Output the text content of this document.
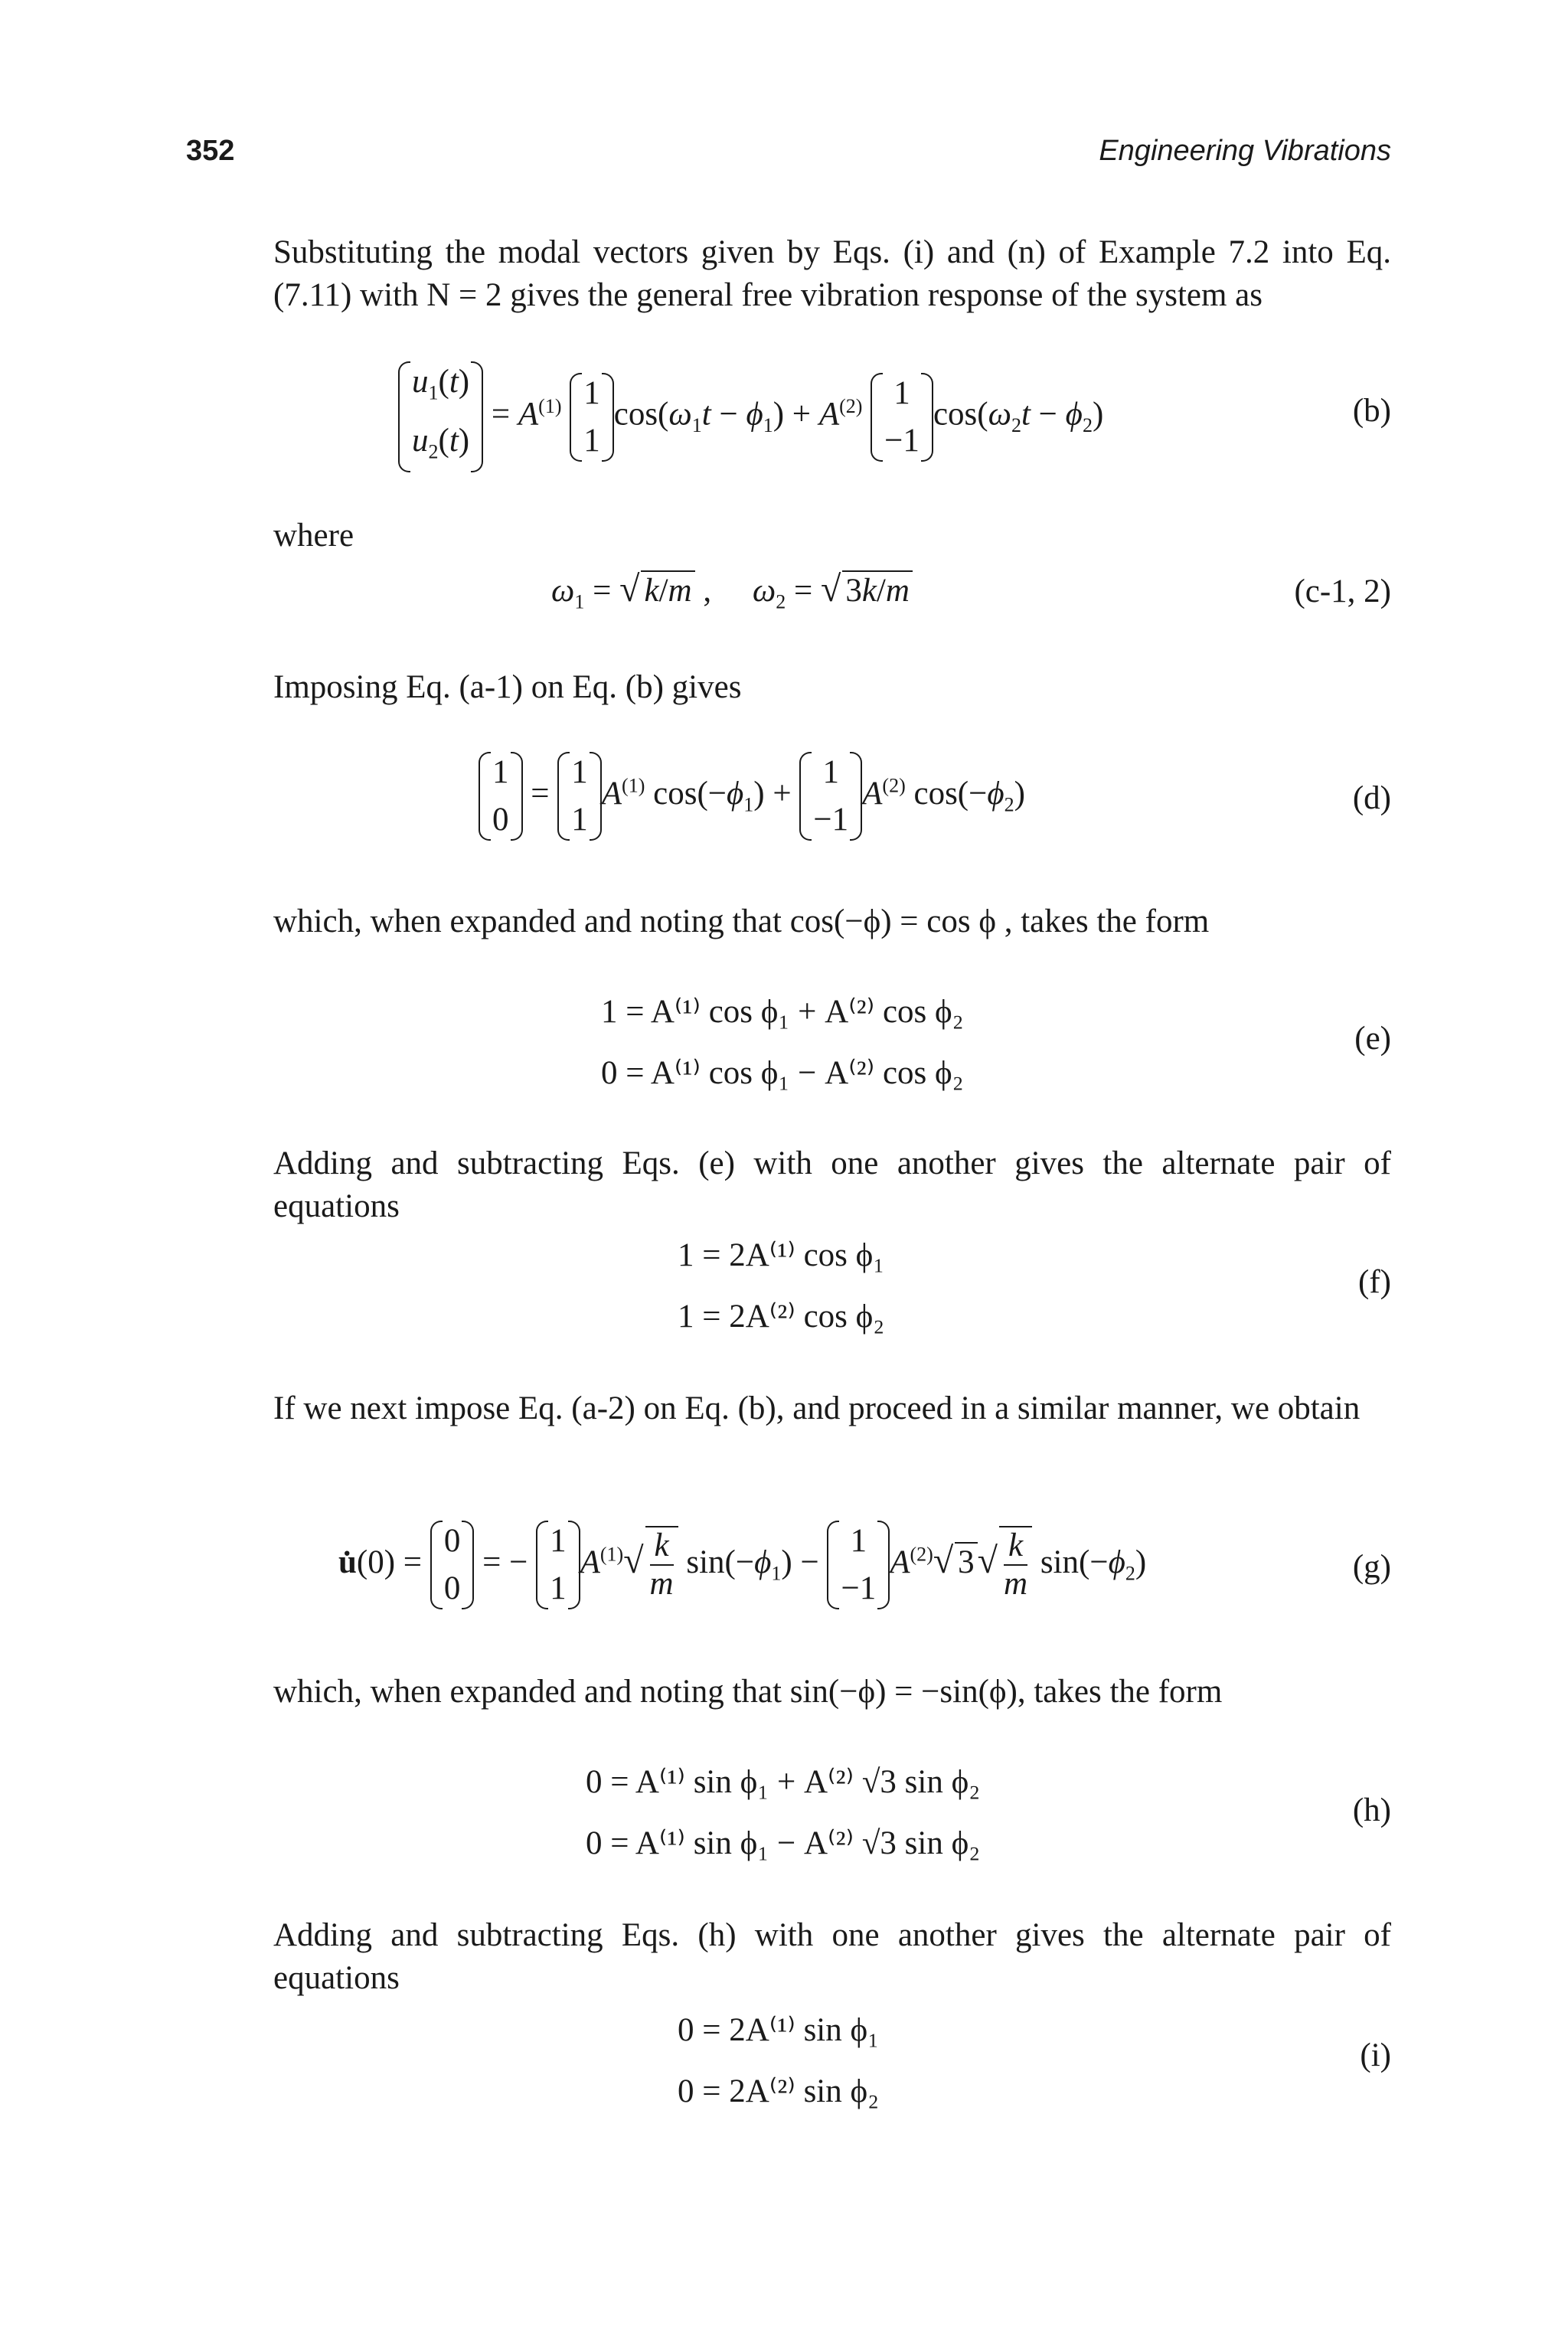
352	Engineering Vibrations
Substituting the modal vectors given by Eqs. (i) and (n) of Example 7.2 into Eq. (7.11) with N = 2 gives the general free vibration response of the system as
$u_1(t)$
$u_2(t)$
= $A^{(1)}$ 1
1
$\cos(\omega_1t - \phi_1) + A^{(2)}$ 1
−1
$\cos(\omega_2t - \phi_2)$	(b)
where
$\omega_1$ = √ k/m ,     $\omega_2$ = √ 3k/m	(c-1, 2)
Imposing Eq. (a-1) on Eq. (b) gives
1
0
=
1
1
$A^{(1)}$ $\cos(-\phi_1)$ +
1
−1
$A^{(2)}$ $\cos(-\phi_2)$	(d)
which, when expanded and noting that cos(−ϕ) = cos ϕ , takes the form
1 = A⁽¹⁾ cos ϕ₁ + A⁽²⁾ cos ϕ₂
0 = A⁽¹⁾ cos ϕ₁ − A⁽²⁾ cos ϕ₂
(e)
Adding and subtracting Eqs. (e) with one another gives the alternate pair of equations
1 = 2A⁽¹⁾ cos ϕ₁
1 = 2A⁽²⁾ cos ϕ₂
(f)
If we next impose Eq. (a-2) on Eq. (b), and proceed in a similar manner, we obtain
u̇(0) =
0
0
= −
1
1
$A^{(1)}√ \frac{k}{m} \sin(-\phi_1)$ −
1
−1
$A^{(2)}√$ $3√ \frac{k}{m} \sin(-\phi_2)$	(g)
which, when expanded and noting that sin(−ϕ) = −sin(ϕ), takes the form
0 = A⁽¹⁾ sin ϕ₁ + A⁽²⁾ √3 sin ϕ₂
0 = A⁽¹⁾ sin ϕ₁ − A⁽²⁾ √3 sin ϕ₂
(h)
Adding and subtracting Eqs. (h) with one another gives the alternate pair of equations
0 = 2A⁽¹⁾ sin ϕ₁
0 = 2A⁽²⁾ sin ϕ₂
(i)
